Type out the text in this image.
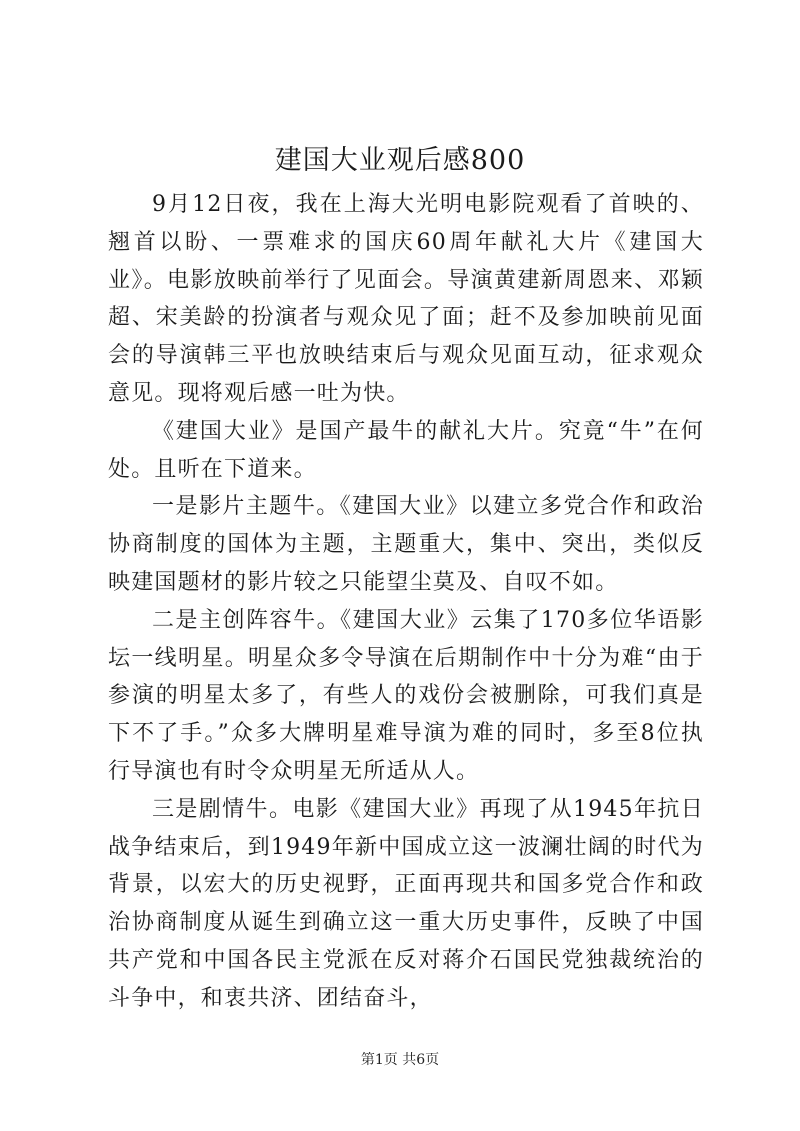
建国大业观后感800

9月12日夜，我在上海大光明电影院观看了首映的、翘首以盼、一票难求的国庆60周年献礼大片《建国大业》。电影放映前举行了见面会。导演黄建新周恩来、邓颖超、宋美龄的扮演者与观众见了面；赶不及参加映前见面会的导演韩三平也放映结束后与观众见面互动，征求观众意见。现将观后感一吐为快。

《建国大业》是国产最牛的献礼大片。究竟“牛”在何处。且听在下道来。

一是影片主题牛。《建国大业》以建立多党合作和政治协商制度的国体为主题，主题重大，集中、突出，类似反映建国题材的影片较之只能望尘莫及、自叹不如。

二是主创阵容牛。《建国大业》云集了170多位华语影坛一线明星。明星众多令导演在后期制作中十分为难“由于参演的明星太多了，有些人的戏份会被删除，可我们真是下不了手。”众多大牌明星难导演为难的同时，多至8位执行导演也有时令众明星无所适从人。

三是剧情牛。电影《建国大业》再现了从1945年抗日战争结束后，到1949年新中国成立这一波澜壮阔的时代为背景，以宏大的历史视野，正面再现共和国多党合作和政治协商制度从诞生到确立这一重大历史事件，反映了中国共产党和中国各民主党派在反对蒋介石国民党独裁统治的斗争中，和衷共济、团结奋斗，

第1页 共6页
